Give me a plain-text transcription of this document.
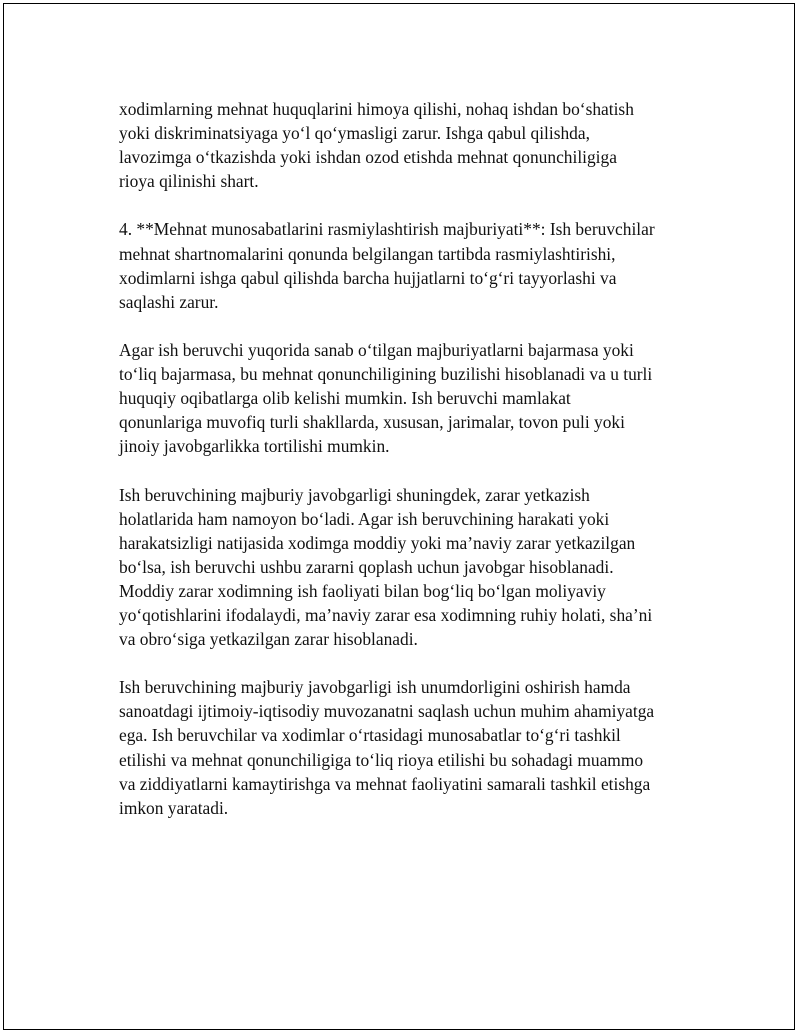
xodimlarning mehnat huquqlarini himoya qilishi, nohaq ishdan bo‘shatish
yoki diskriminatsiyaga yo‘l qo‘ymasligi zarur. Ishga qabul qilishda,
lavozimga o‘tkazishda yoki ishdan ozod etishda mehnat qonunchiligiga
rioya qilinishi shart.

4. **Mehnat munosabatlarini rasmiylashtirish majburiyati**: Ish beruvchilar
mehnat shartnomalarini qonunda belgilangan tartibda rasmiylashtirishi,
xodimlarni ishga qabul qilishda barcha hujjatlarni to‘g‘ri tayyorlashi va
saqlashi zarur.

Agar ish beruvchi yuqorida sanab o‘tilgan majburiyatlarni bajarmasa yoki
to‘liq bajarmasa, bu mehnat qonunchiligining buzilishi hisoblanadi va u turli
huquqiy oqibatlarga olib kelishi mumkin. Ish beruvchi mamlakat
qonunlariga muvofiq turli shakllarda, xususan, jarimalar, tovon puli yoki
jinoiy javobgarlikka tortilishi mumkin.

Ish beruvchining majburiy javobgarligi shuningdek, zarar yetkazish
holatlarida ham namoyon bo‘ladi. Agar ish beruvchining harakati yoki
harakatsizligi natijasida xodimga moddiy yoki ma’naviy zarar yetkazilgan
bo‘lsa, ish beruvchi ushbu zararni qoplash uchun javobgar hisoblanadi.
Moddiy zarar xodimning ish faoliyati bilan bog‘liq bo‘lgan moliyaviy
yo‘qotishlarini ifodalaydi, ma’naviy zarar esa xodimning ruhiy holati, sha’ni
va obro‘siga yetkazilgan zarar hisoblanadi.

Ish beruvchining majburiy javobgarligi ish unumdorligini oshirish hamda
sanoatdagi ijtimoiy-iqtisodiy muvozanatni saqlash uchun muhim ahamiyatga
ega. Ish beruvchilar va xodimlar o‘rtasidagi munosabatlar to‘g‘ri tashkil
etilishi va mehnat qonunchiligiga to‘liq rioya etilishi bu sohadagi muammo
va ziddiyatlarni kamaytirishga va mehnat faoliyatini samarali tashkil etishga
imkon yaratadi.
